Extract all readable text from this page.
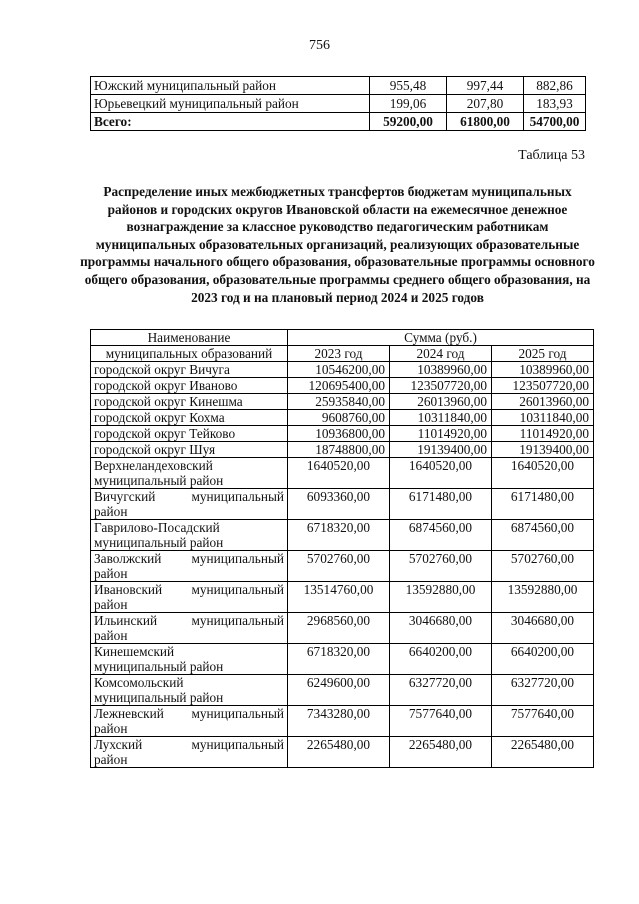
756
Южский муниципальный район	955,48	997,44	882,86
Юрьевецкий муниципальный район	199,06	207,80	183,93
Всего:	59200,00	61800,00	54700,00
Таблица 53
Распределение иных межбюджетных трансфертов бюджетам муниципальных районов и городских округов Ивановской области на ежемесячное денежное вознаграждение за классное руководство педагогическим работникам муниципальных образовательных организаций, реализующих образовательные программы начального общего образования, образовательные программы основного общего образования, образовательные программы среднего общего образования, на 2023 год и на плановый период 2024 и 2025 годов
Наименование	Сумма (руб.)		
муниципальных образований	2023 год	2024 год	2025 год
городской округ Вичуга	10546200,00	10389960,00	10389960,00
городской округ Иваново	120695400,00	123507720,00	123507720,00
городской округ Кинешма	25935840,00	26013960,00	26013960,00
городской округ Кохма	9608760,00	10311840,00	10311840,00
городской округ Тейково	10936800,00	11014920,00	11014920,00
городской округ Шуя	18748800,00	19139400,00	19139400,00

Верхнеландеховский
муниципальный район	1640520,00	1640520,00	1640520,00

Вичугский муниципальный
район	6093360,00	6171480,00	6171480,00

Гаврилово-Посадский
муниципальный район	6718320,00	6874560,00	6874560,00

Заволжский муниципальный
район	5702760,00	5702760,00	5702760,00

Ивановский муниципальный
район	13514760,00	13592880,00	13592880,00

Ильинский муниципальный
район	2968560,00	3046680,00	3046680,00

Кинешемский
муниципальный район	6718320,00	6640200,00	6640200,00

Комсомольский
муниципальный район	6249600,00	6327720,00	6327720,00

Лежневский муниципальный
район	7343280,00	7577640,00	7577640,00

Лухский муниципальный
район	2265480,00	2265480,00	2265480,00
